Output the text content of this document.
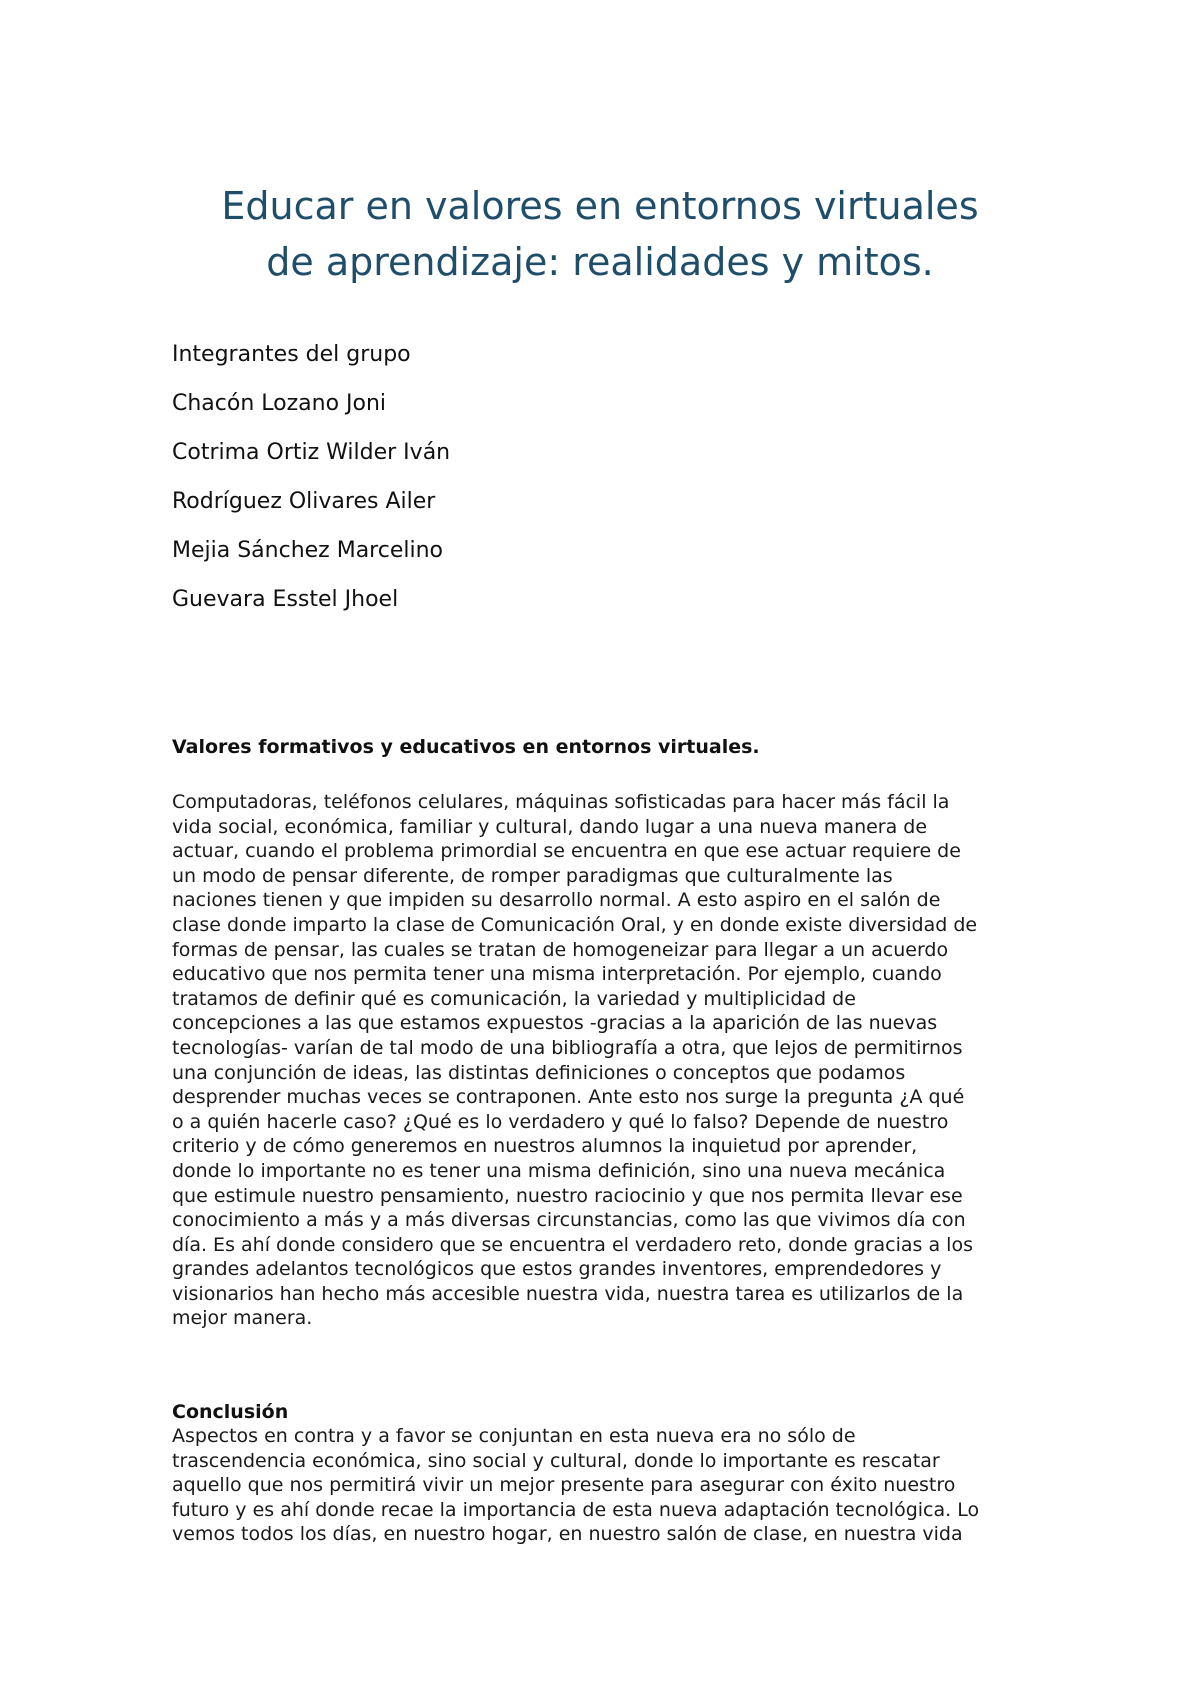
Educar en valores en entornos virtuales
de aprendizaje: realidades y mitos.
Integrantes del grupo
Chacón Lozano Joni
Cotrima Ortiz Wilder Iván
Rodríguez Olivares Ailer
Mejia Sánchez Marcelino
Guevara Esstel Jhoel
Valores formativos y educativos en entornos virtuales.

Computadoras, teléfonos celulares, máquinas sofisticadas para hacer más fácil la
vida social, económica, familiar y cultural, dando lugar a una nueva manera de
actuar, cuando el problema primordial se encuentra en que ese actuar requiere de
un modo de pensar diferente, de romper paradigmas que culturalmente las
naciones tienen y que impiden su desarrollo normal. A esto aspiro en el salón de
clase donde imparto la clase de Comunicación Oral, y en donde existe diversidad de
formas de pensar, las cuales se tratan de homogeneizar para llegar a un acuerdo
educativo que nos permita tener una misma interpretación. Por ejemplo, cuando
tratamos de definir qué es comunicación, la variedad y multiplicidad de
concepciones a las que estamos expuestos -gracias a la aparición de las nuevas
tecnologías- varían de tal modo de una bibliografía a otra, que lejos de permitirnos
una conjunción de ideas, las distintas definiciones o conceptos que podamos
desprender muchas veces se contraponen. Ante esto nos surge la pregunta ¿A qué
o a quién hacerle caso? ¿Qué es lo verdadero y qué lo falso? Depende de nuestro
criterio y de cómo generemos en nuestros alumnos la inquietud por aprender,
donde lo importante no es tener una misma definición, sino una nueva mecánica
que estimule nuestro pensamiento, nuestro raciocinio y que nos permita llevar ese
conocimiento a más y a más diversas circunstancias, como las que vivimos día con
día. Es ahí donde considero que se encuentra el verdadero reto, donde gracias a los
grandes adelantos tecnológicos que estos grandes inventores, emprendedores y
visionarios han hecho más accesible nuestra vida, nuestra tarea es utilizarlos de la
mejor manera.

Conclusión

Aspectos en contra y a favor se conjuntan en esta nueva era no sólo de
trascendencia económica, sino social y cultural, donde lo importante es rescatar
aquello que nos permitirá vivir un mejor presente para asegurar con éxito nuestro
futuro y es ahí donde recae la importancia de esta nueva adaptación tecnológica. Lo
vemos todos los días, en nuestro hogar, en nuestro salón de clase, en nuestra vida
